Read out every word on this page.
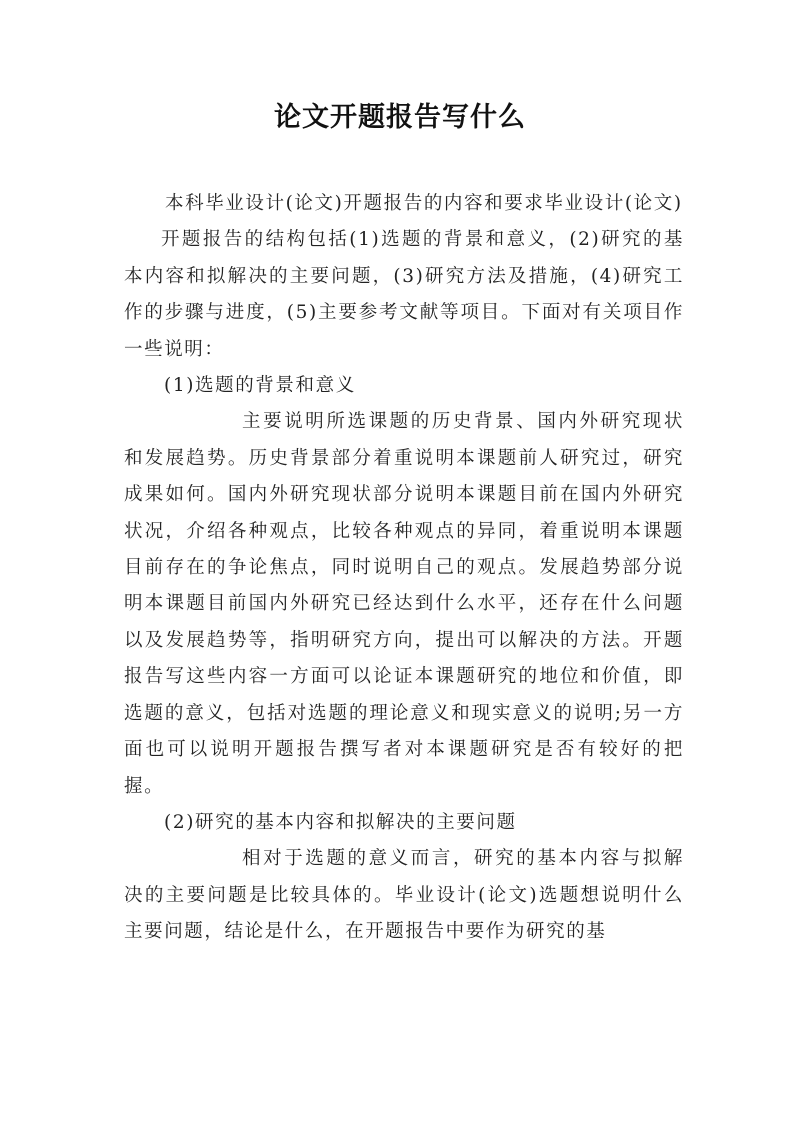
论文开题报告写什么

本科毕业设计(论文)开题报告的内容和要求毕业设计(论文)

开题报告的结构包括(1)选题的背景和意义，(2)研究的基本内容和拟解决的主要问题，(3)研究方法及措施，(4)研究工作的步骤与进度，(5)主要参考文献等项目。下面对有关项目作一些说明：

(1)选题的背景和意义

主要说明所选课题的历史背景、国内外研究现状和发展趋势。历史背景部分着重说明本课题前人研究过，研究成果如何。国内外研究现状部分说明本课题目前在国内外研究状况，介绍各种观点，比较各种观点的异同，着重说明本课题目前存在的争论焦点，同时说明自己的观点。发展趋势部分说明本课题目前国内外研究已经达到什么水平，还存在什么问题以及发展趋势等，指明研究方向，提出可以解决的方法。开题报告写这些内容一方面可以论证本课题研究的地位和价值，即选题的意义，包括对选题的理论意义和现实意义的说明;另一方面也可以说明开题报告撰写者对本课题研究是否有较好的把握。

(2)研究的基本内容和拟解决的主要问题

相对于选题的意义而言，研究的基本内容与拟解决的主要问题是比较具体的。毕业设计(论文)选题想说明什么主要问题，结论是什么，在开题报告中要作为研究的基
